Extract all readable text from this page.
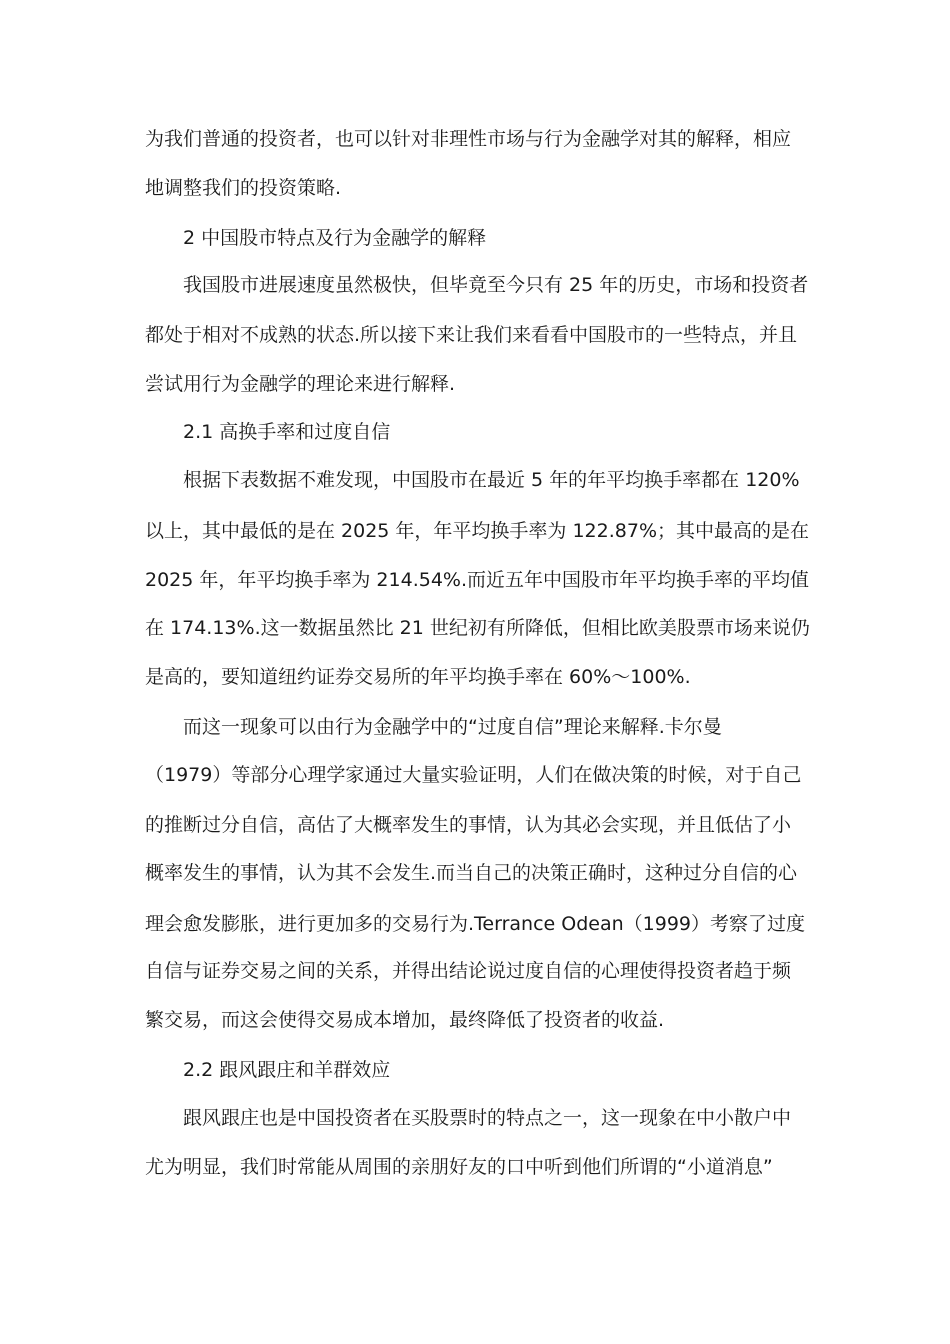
为我们普通的投资者，也可以针对非理性市场与行为金融学对其的解释，相应
地调整我们的投资策略.
2 中国股市特点及行为金融学的解释
我国股市进展速度虽然极快，但毕竟至今只有 25 年的历史，市场和投资者
都处于相对不成熟的状态.所以接下来让我们来看看中国股市的一些特点，并且
尝试用行为金融学的理论来进行解释.
2.1 高换手率和过度自信
根据下表数据不难发现，中国股市在最近 5 年的年平均换手率都在 120%
以上，其中最低的是在 2025 年，年平均换手率为 122.87%；其中最高的是在
2025 年，年平均换手率为 214.54%.而近五年中国股市年平均换手率的平均值
在 174.13%.这一数据虽然比 21 世纪初有所降低，但相比欧美股票市场来说仍
是高的，要知道纽约证券交易所的年平均换手率在 60%～100%.
而这一现象可以由行为金融学中的“过度自信”理论来解释.卡尔曼
（1979）等部分心理学家通过大量实验证明，人们在做决策的时候，对于自己
的推断过分自信，高估了大概率发生的事情，认为其必会实现，并且低估了小
概率发生的事情，认为其不会发生.而当自己的决策正确时，这种过分自信的心
理会愈发膨胀，进行更加多的交易行为.Terrance Odean（1999）考察了过度
自信与证券交易之间的关系，并得出结论说过度自信的心理使得投资者趋于频
繁交易，而这会使得交易成本增加，最终降低了投资者的收益.
2.2 跟风跟庄和羊群效应
跟风跟庄也是中国投资者在买股票时的特点之一，这一现象在中小散户中
尤为明显，我们时常能从周围的亲朋好友的口中听到他们所谓的“小道消息”
